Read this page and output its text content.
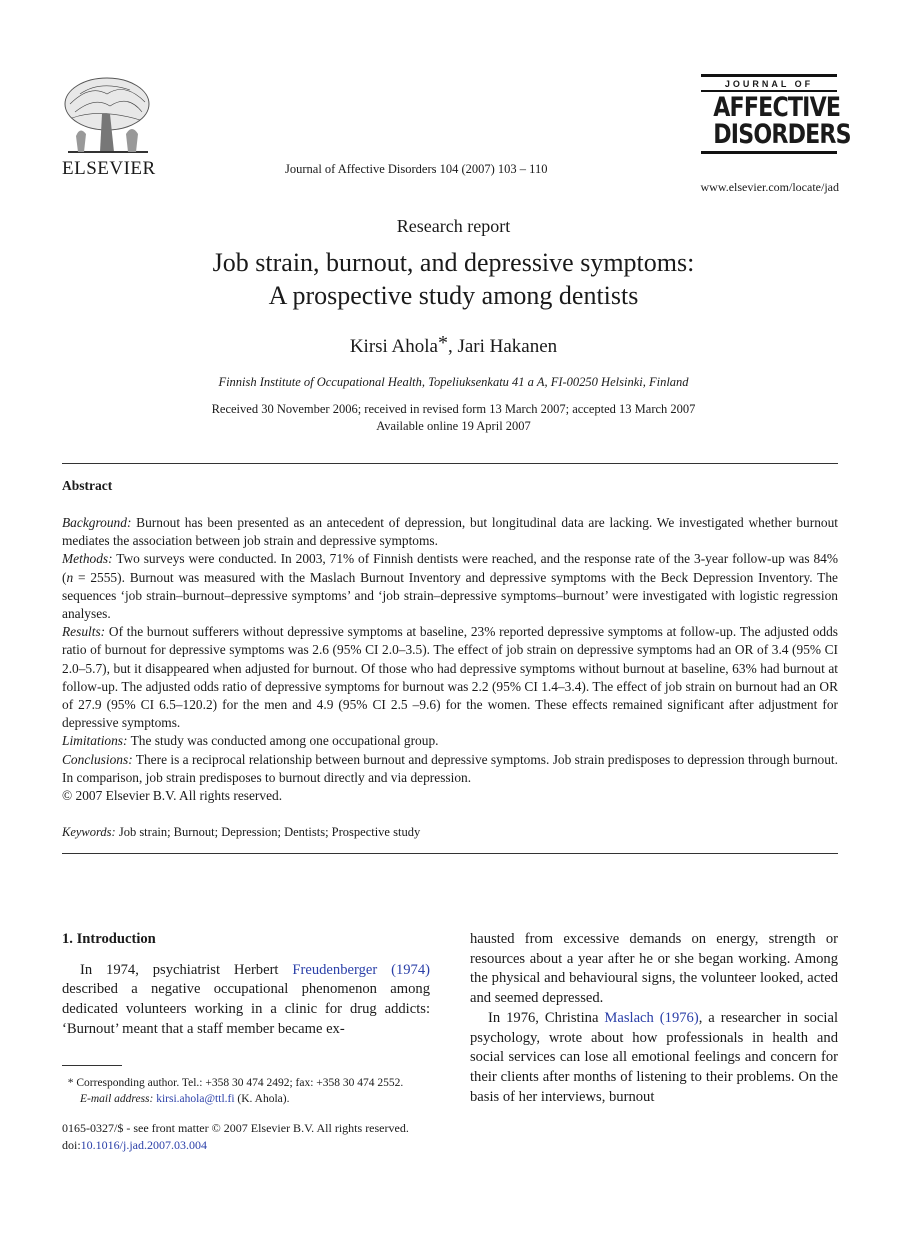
ELSEVIER	Journal of Affective Disorders 104 (2007) 103 – 110
JOURNAL OF
AFFECTIVE
DISORDERS
www.elsevier.com/locate/jad
Research report
Job strain, burnout, and depressive symptoms:
A prospective study among dentists
Kirsi Ahola*, Jari Hakanen
Finnish Institute of Occupational Health, Topeliuksenkatu 41 a A, FI-00250 Helsinki, Finland
Received 30 November 2006; received in revised form 13 March 2007; accepted 13 March 2007
Available online 19 April 2007
Abstract

Background: Burnout has been presented as an antecedent of depression, but longitudinal data are lacking. We investigated whether burnout mediates the association between job strain and depressive symptoms.

Methods: Two surveys were conducted. In 2003, 71% of Finnish dentists were reached, and the response rate of the 3-year follow-up was 84% (n = 2555). Burnout was measured with the Maslach Burnout Inventory and depressive symptoms with the Beck Depression Inventory. The sequences ‘job strain–burnout–depressive symptoms’ and ‘job strain–depressive symptoms–burnout’ were investigated with logistic regression analyses.

Results: Of the burnout sufferers without depressive symptoms at baseline, 23% reported depressive symptoms at follow-up. The adjusted odds ratio of burnout for depressive symptoms was 2.6 (95% CI 2.0–3.5). The effect of job strain on depressive symptoms had an OR of 3.4 (95% CI 2.0–5.7), but it disappeared when adjusted for burnout. Of those who had depressive symptoms without burnout at baseline, 63% had burnout at follow-up. The adjusted odds ratio of depressive symptoms for burnout was 2.2 (95% CI 1.4–3.4). The effect of job strain on burnout had an OR of 27.9 (95% CI 6.5–120.2) for the men and 4.9 (95% CI 2.5 –9.6) for the women. These effects remained significant after adjustment for depressive symptoms.

Limitations: The study was conducted among one occupational group.

Conclusions: There is a reciprocal relationship between burnout and depressive symptoms. Job strain predisposes to depression through burnout. In comparison, job strain predisposes to burnout directly and via depression.

© 2007 Elsevier B.V. All rights reserved.

Keywords: Job strain; Burnout; Depression; Dentists; Prospective study

1. Introduction

In 1974, psychiatrist Herbert Freudenberger (1974) described a negative occupational phenomenon among dedicated volunteers working in a clinic for drug addicts: ‘Burnout’ meant that a staff member became ex-

hausted from excessive demands on energy, strength or resources about a year after he or she began working. Among the physical and behavioural signs, the volunteer looked, acted and seemed depressed.

In 1976, Christina Maslach (1976), a researcher in social psychology, wrote about how professionals in health and social services can lose all emotional feelings and concern for their clients after months of listening to their problems. On the basis of her interviews, burnout

* Corresponding author. Tel.: +358 30 474 2492; fax: +358 30 474 2552.
E-mail address: kirsi.ahola@ttl.fi (K. Ahola).
0165-0327/$ - see front matter © 2007 Elsevier B.V. All rights reserved.
doi:10.1016/j.jad.2007.03.004
